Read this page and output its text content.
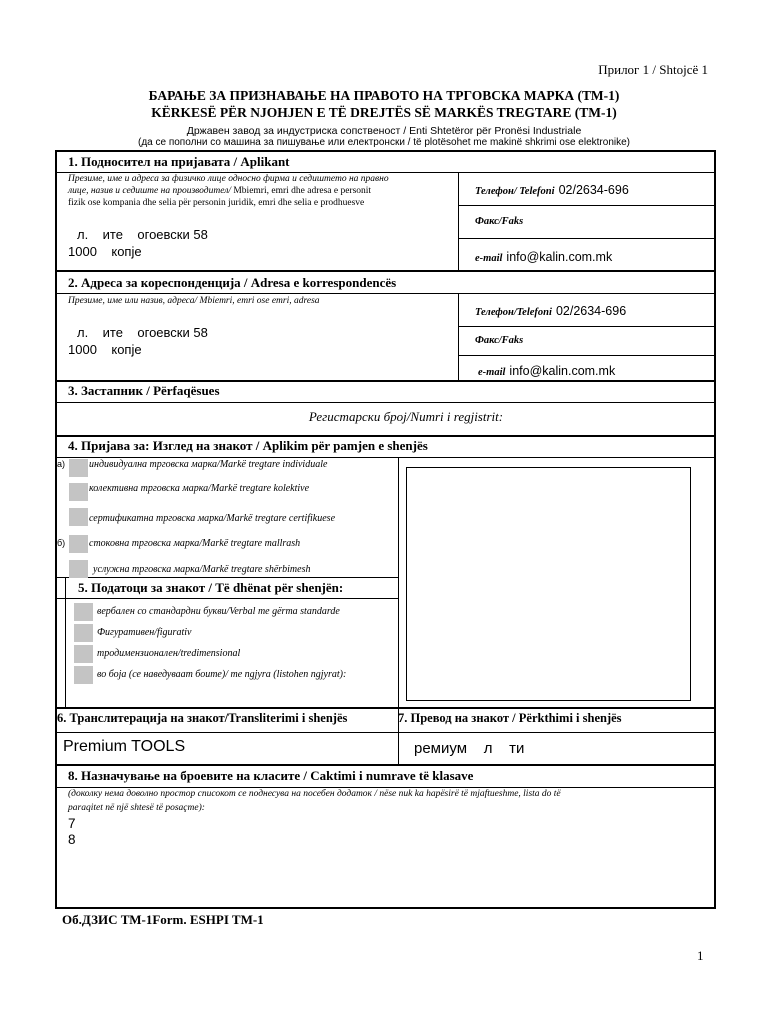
Прилог 1 / Shtojcë 1
БАРАЊЕ ЗА ПРИЗНАВАЊЕ НА ПРАВОТО НА ТРГОВСКА МАРКА (ТМ-1)
KËRKESË PËR NJOHJEN E TË DREJTËS SË MARKËS TREGTARE (TM-1)
Државен завод за индустриска сопственост / Enti Shtetëror për Pronësi Industriale
(да се пополни со машина за пишување или електронски / të plotësohet me makinë shkrimi ose elektronike)
1. Подносител на пријавата / Aplikant
Презиме, име и адреса за физичко лице односно фирма и седиштето на правно
лице, назив и седиште на производител/ Mbiemri, emri dhe adresa e personit
fizik ose kompania dhe selia për personin juridik, emri dhe selia e prodhuesve
л.    ите    огоевски 58
1000    копје
Телефон/ Telefoni 02/2634-696
Факс/Faks
e-mail info@kalin.com.mk
2. Адреса за кореспонденција / Adresa e korrespondencës
Презиме, име или назив, адреса/ Mbiemri, emri ose emri, adresa
л.    ите    огоевски 58
1000    копје
Телефон/Telefoni 02/2634-696
Факс/Faks
e-mail info@kalin.com.mk
3. Застапник / Përfaqësues
Регистарски број/Numri i regjistrit:
4. Пријава за: Изглед на знакот / Aplikim për pamjen e shenjës
а)
б)
индивидуална трговска марка/Markë tregtare individuale
колективна трговска марка/Markë tregtare kolektive
сертификатна трговска марка/Markë tregtare certifikuese
стоковна трговска марка/Markë tregtare mallrash
услужна трговска марка/Markë tregtare shërbimesh
5. Податоци за знакот / Të dhënat për shenjën:
вербален со стандардни букви/Verbal me gërma standarde
Фигуративен/figurativ
тродимензионален/tredimensional
во боја (се наведуваат боите)/ me ngjyra (listohen ngjyrat):
6. Транслитерација на знакот/Transliterimi i shenjës	7. Превод на знакот / Përkthimi i shenjës
Premium TOOLS	ремиум    л    ти
8. Назначување на броевите на класите / Caktimi i numrave të klasave
(доколку нема доволно простор списокот се поднесува на посебен додаток / nëse nuk ka hapësirë të mjaftueshme, lista do të
paraqitet në një shtesë të posaçme):
7
8
Об.ДЗИС ТМ-1Form. ESHPI TM-1
1
